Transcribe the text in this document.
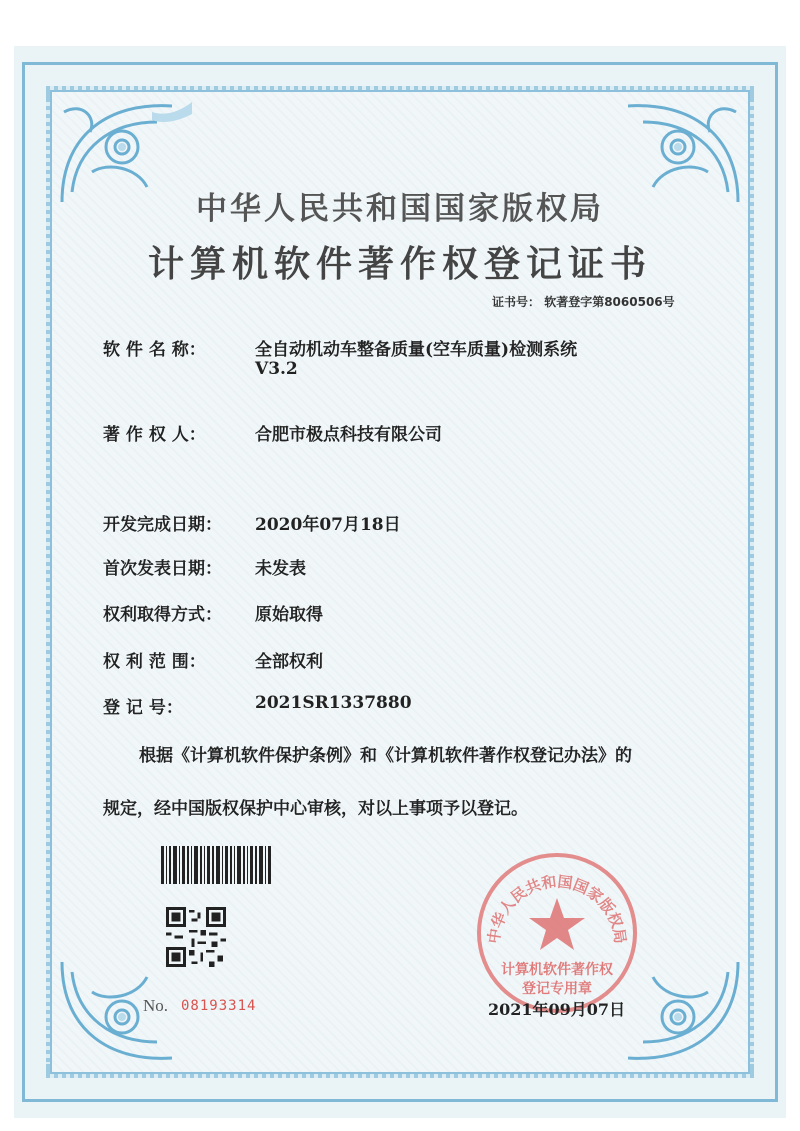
中华人民共和国国家版权局
计算机软件著作权登记证书
证书号： 软著登字第8060506号
软 件 名 称：	全自动机动车整备质量(空车质量)检测系统
V3.2
著 作 权 人：	合肥市极点科技有限公司
开发完成日期： 2020年07月18日
首次发表日期： 未发表
权利取得方式： 原始取得
权 利 范 围：	全部权利
登 记 号：	2021SR1337880
根据《计算机软件保护条例》和《计算机软件著作权登记办法》的
规定，经中国版权保护中心审核，对以上事项予以登记。
No. 08193314
中华人民共和国国家版权局
计算机软件著作权
登记专用章
2021年09月07日
